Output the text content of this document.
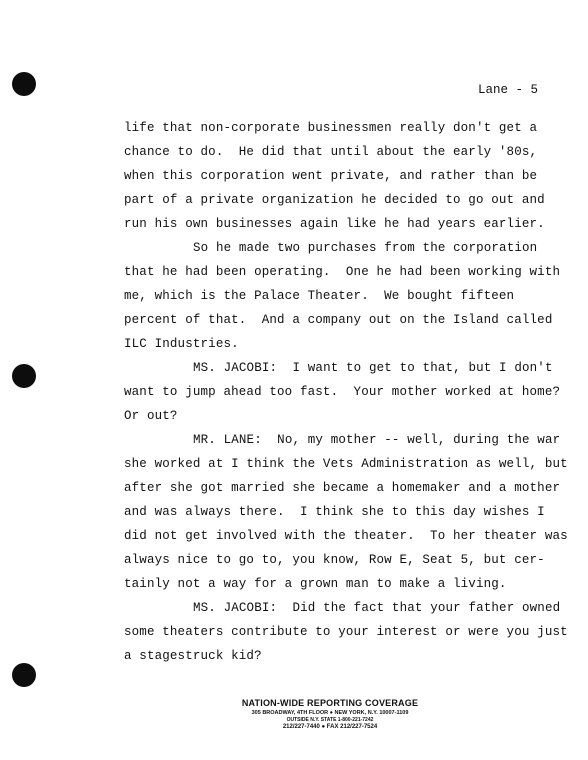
Lane - 5
life that non-corporate businessmen really don't get a
chance to do.  He did that until about the early '80s,
when this corporation went private, and rather than be
part of a private organization he decided to go out and
run his own businesses again like he had years earlier.
So he made two purchases from the corporation
that he had been operating.  One he had been working with
me, which is the Palace Theater.  We bought fifteen
percent of that.  And a company out on the Island called
ILC Industries.
MS. JACOBI:  I want to get to that, but I don't
want to jump ahead too fast.  Your mother worked at home?
Or out?
MR. LANE:  No, my mother -- well, during the war
she worked at I think the Vets Administration as well, but
after she got married she became a homemaker and a mother
and was always there.  I think she to this day wishes I
did not get involved with the theater.  To her theater was
always nice to go to, you know, Row E, Seat 5, but cer-
tainly not a way for a grown man to make a living.
MS. JACOBI:  Did the fact that your father owned
some theaters contribute to your interest or were you just
a stagestruck kid?
NATION-WIDE REPORTING COVERAGE
305 BROADWAY, 4TH FLOOR ● NEW YORK, N.Y. 10007-1109
OUTSIDE N.Y. STATE 1-800-221-7242
212/227-7440 ● FAX 212/227-7524
